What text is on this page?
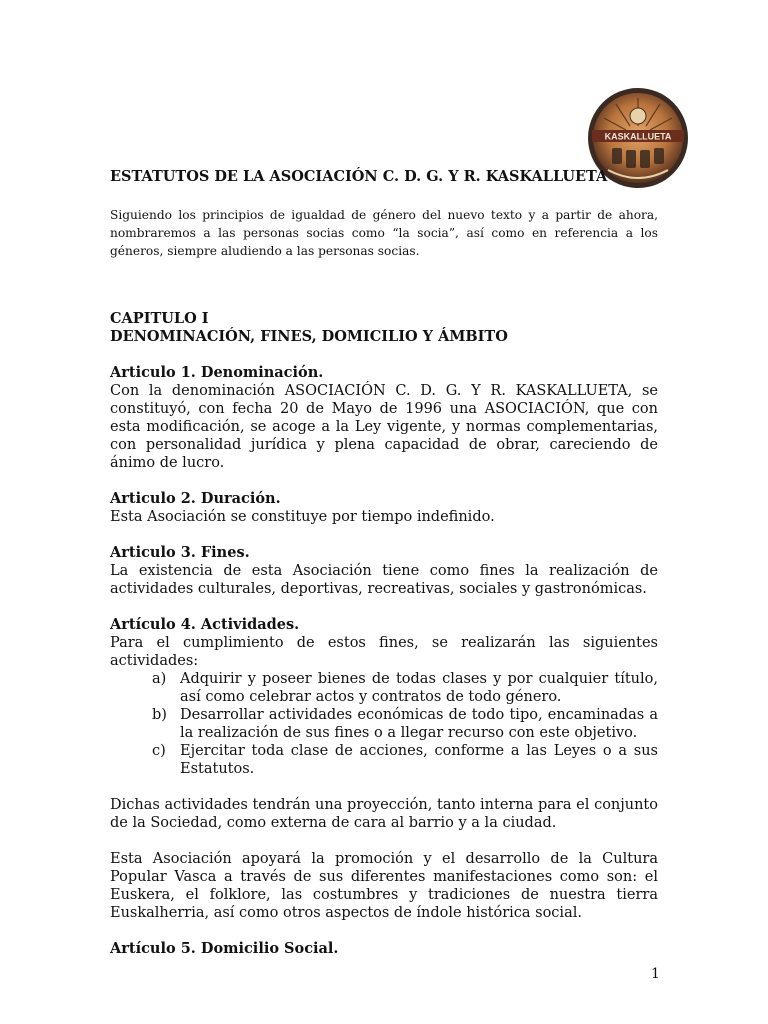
KASKALLUETA
ESTATUTOS DE LA ASOCIACIÓN C. D. G. Y R. KASKALLUETA

Siguiendo los principios de igualdad de género del nuevo texto y a partir de ahora, nombraremos a las personas socias como “la socia”, así como en referencia a los géneros, siempre aludiendo a las personas socias.

CAPITULO I
DENOMINACIÓN, FINES, DOMICILIO Y ÁMBITO
Articulo 1. Denominación.

Con la denominación ASOCIACIÓN C. D. G. Y R. KASKALLUETA, se constituyó, con fecha 20 de Mayo de 1996 una ASOCIACIÓN, que con esta modificación, se acoge a la Ley vigente, y normas complementarias, con personalidad jurídica y plena capacidad de obrar, careciendo de ánimo de lucro.

Articulo 2. Duración.

Esta Asociación se constituye por tiempo indefinido.

Articulo 3. Fines.

La existencia de esta Asociación tiene como fines la realización de actividades culturales, deportivas, recreativas, sociales y gastronómicas.

Artículo 4. Actividades.

Para el cumplimiento de estos fines, se realizarán las siguientes actividades:

a) Adquirir y poseer bienes de todas clases y por cualquier título, así como celebrar actos y contratos de todo género.
b) Desarrollar actividades económicas de todo tipo, encaminadas a la realización de sus fines o a llegar recurso con este objetivo.
c) Ejercitar toda clase de acciones, conforme a las Leyes o a sus Estatutos.

Dichas actividades tendrán una proyección, tanto interna para el conjunto de la Sociedad, como externa de cara al barrio y a la ciudad.

Esta Asociación apoyará la promoción y el desarrollo de la Cultura Popular Vasca a través de sus diferentes manifestaciones como son: el Euskera, el folklore, las costumbres y tradiciones de nuestra tierra Euskalherria, así como otros aspectos de índole histórica social.

Artículo 5. Domicilio Social.
1
